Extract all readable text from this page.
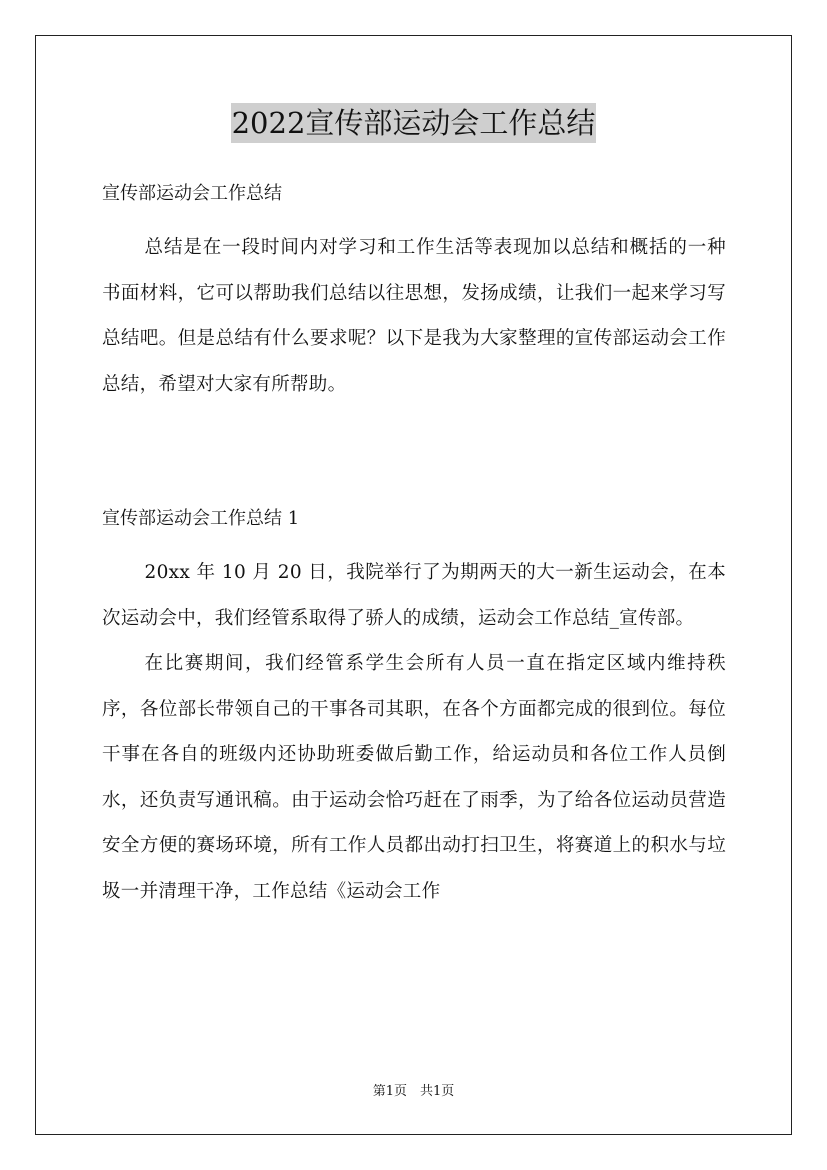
2022宣传部运动会工作总结
宣传部运动会工作总结

总结是在一段时间内对学习和工作生活等表现加以总结和概括的一种书面材料，它可以帮助我们总结以往思想，发扬成绩，让我们一起来学习写总结吧。但是总结有什么要求呢？以下是我为大家整理的宣传部运动会工作总结，希望对大家有所帮助。

宣传部运动会工作总结 1

20xx 年 10 月 20 日，我院举行了为期两天的大一新生运动会，在本次运动会中，我们经管系取得了骄人的成绩，运动会工作总结_宣传部。

在比赛期间，我们经管系学生会所有人员一直在指定区域内维持秩序，各位部长带领自己的干事各司其职，在各个方面都完成的很到位。每位干事在各自的班级内还协助班委做后勤工作，给运动员和各位工作人员倒水，还负责写通讯稿。由于运动会恰巧赶在了雨季，为了给各位运动员营造安全方便的赛场环境，所有工作人员都出动打扫卫生，将赛道上的积水与垃圾一并清理干净，工作总结《运动会工作

第1页　共1页
